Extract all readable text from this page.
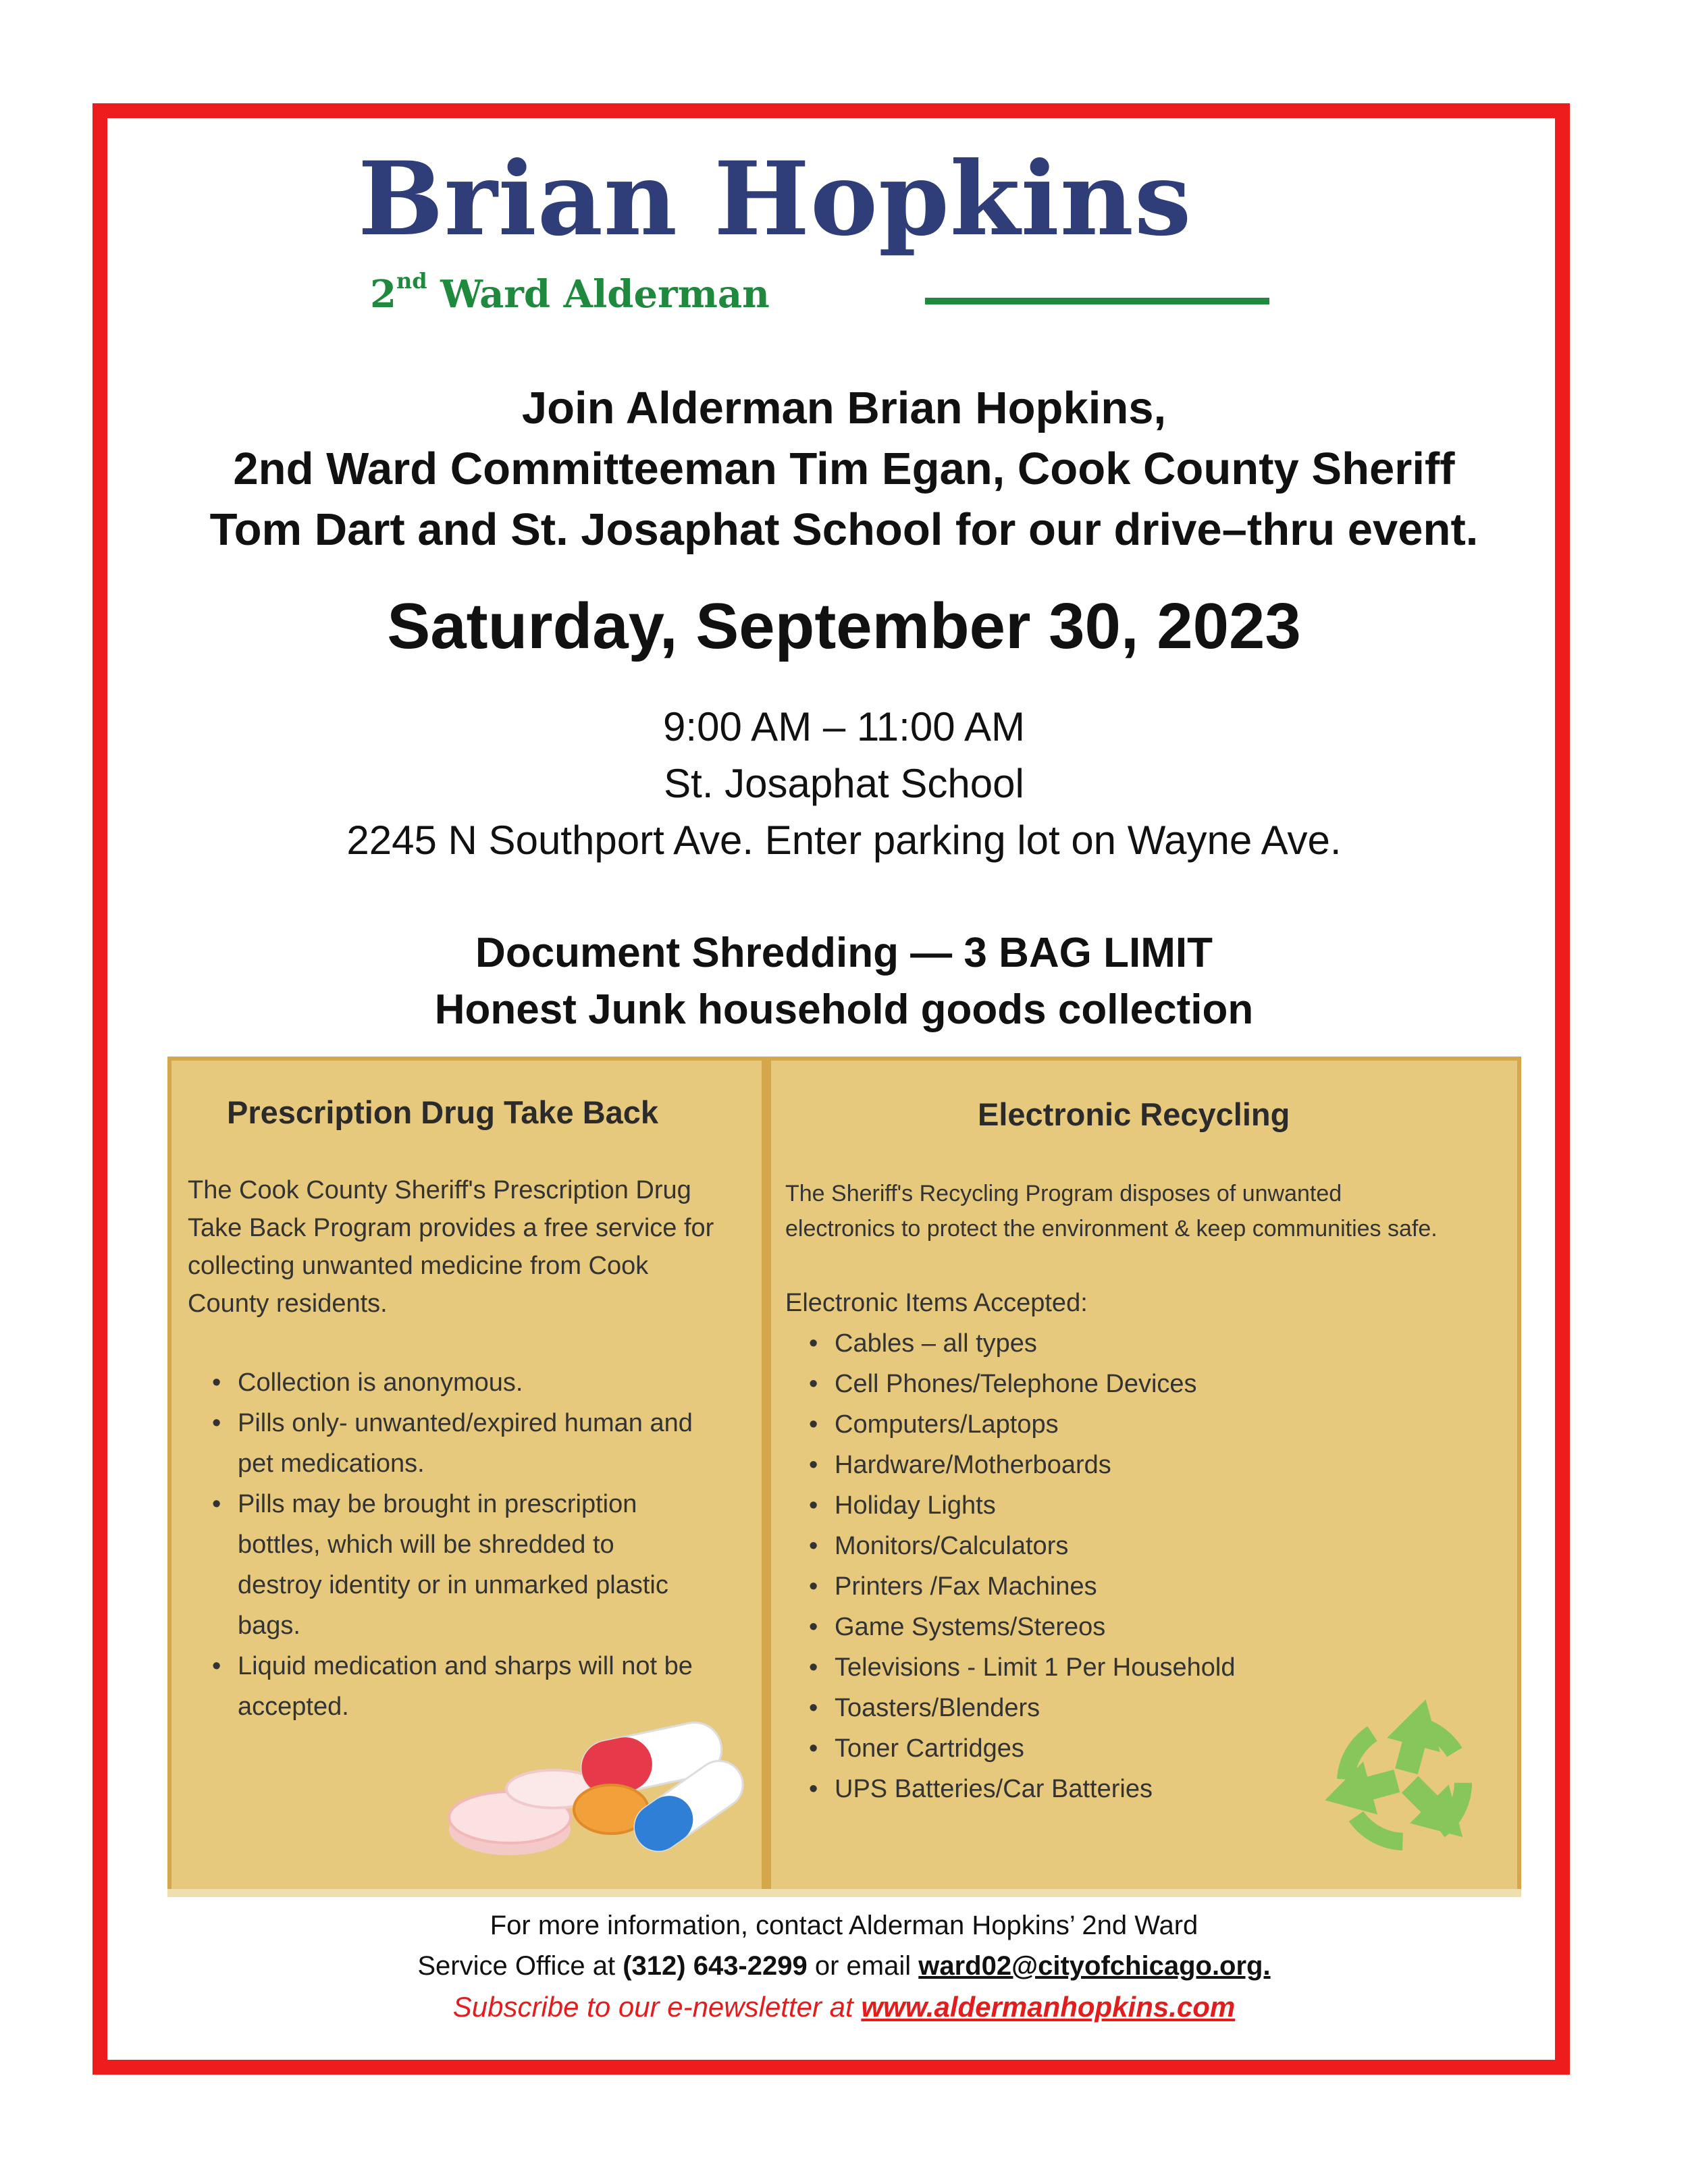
Brian Hopkins
2nd Ward Alderman
Join Alderman Brian Hopkins,
2nd Ward Committeeman Tim Egan, Cook County Sheriff
Tom Dart and St. Josaphat School for our drive–thru event.
Saturday, September 30, 2023
9:00 AM – 11:00 AM
St. Josaphat School
2245 N Southport Ave. Enter parking lot on Wayne Ave.
Document Shredding — 3 BAG LIMIT
Honest Junk household goods collection
Prescription Drug Take Back
The Cook County Sheriff's Prescription Drug
Take Back Program provides a free service for
collecting unwanted medicine from Cook
County residents.
• Collection is anonymous.
• Pills only- unwanted/expired human and
pet medications.
• Pills may be brought in prescription
bottles, which will be shredded to
destroy identity or in unmarked plastic
bags.
• Liquid medication and sharps will not be
accepted.
Electronic Recycling
The Sheriff's Recycling Program disposes of unwanted
electronics to protect the environment & keep communities safe.
Electronic Items Accepted:
• Cables – all types
• Cell Phones/Telephone Devices
• Computers/Laptops
• Hardware/Motherboards
• Holiday Lights
• Monitors/Calculators
• Printers /Fax Machines
• Game Systems/Stereos
• Televisions - Limit 1 Per Household
• Toasters/Blenders
• Toner Cartridges
• UPS Batteries/Car Batteries
For more information, contact Alderman Hopkins’ 2nd Ward
Service Office at (312) 643-2299 or email ward02@cityofchicago.org.
Subscribe to our e-newsletter at www.aldermanhopkins.com
